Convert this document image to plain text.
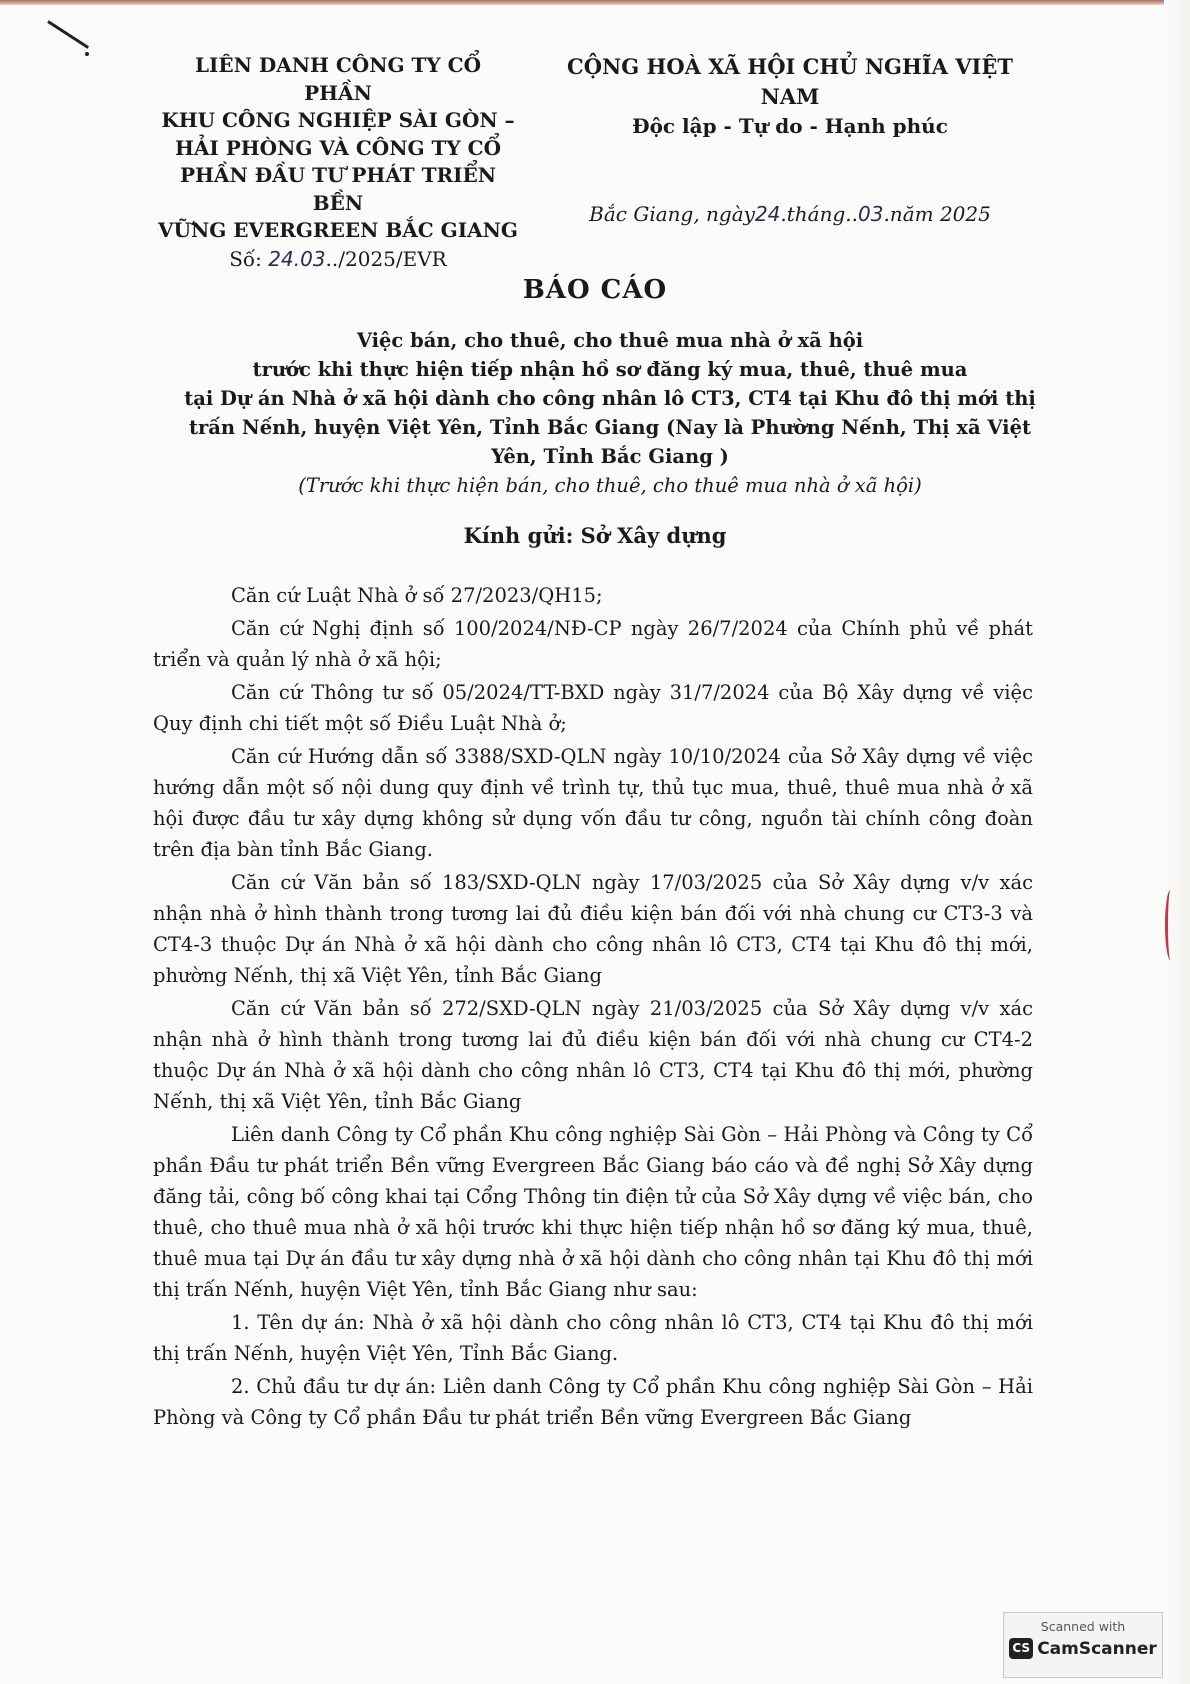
LIÊN DANH CÔNG TY CỔ PHẦN
KHU CÔNG NGHIỆP SÀI GÒN –
HẢI PHÒNG VÀ CÔNG TY CỔ
PHẦN ĐẦU TƯ PHÁT TRIỂN BỀN
VỮNG EVERGREEN BẮC GIANG
Số: 24.03../2025/EVR
CỘNG HOÀ XÃ HỘI CHỦ NGHĨA VIỆT NAM
Độc lập - Tự do - Hạnh phúc
Bắc Giang, ngày24.tháng..03.năm 2025
BÁO CÁO
Việc bán, cho thuê, cho thuê mua nhà ở xã hội
trước khi thực hiện tiếp nhận hồ sơ đăng ký mua, thuê, thuê mua
tại Dự án Nhà ở xã hội dành cho công nhân lô CT3, CT4 tại Khu đô thị mới thị trấn Nếnh, huyện Việt Yên, Tỉnh Bắc Giang (Nay là Phường Nếnh, Thị xã Việt Yên, Tỉnh Bắc Giang )
(Trước khi thực hiện bán, cho thuê, cho thuê mua nhà ở xã hội)
Kính gửi: Sở Xây dựng

Căn cứ Luật Nhà ở số 27/2023/QH15;

Căn cứ Nghị định số 100/2024/NĐ-CP ngày 26/7/2024 của Chính phủ về phát triển và quản lý nhà ở xã hội;

Căn cứ Thông tư số 05/2024/TT-BXD ngày 31/7/2024 của Bộ Xây dựng về việc Quy định chi tiết một số Điều Luật Nhà ở;

Căn cứ Hướng dẫn số 3388/SXD-QLN ngày 10/10/2024 của Sở Xây dựng về việc hướng dẫn một số nội dung quy định về trình tự, thủ tục mua, thuê, thuê mua nhà ở xã hội được đầu tư xây dựng không sử dụng vốn đầu tư công, nguồn tài chính công đoàn trên địa bàn tỉnh Bắc Giang.

Căn cứ Văn bản số 183/SXD-QLN ngày 17/03/2025 của Sở Xây dựng v/v xác nhận nhà ở hình thành trong tương lai đủ điều kiện bán đối với nhà chung cư CT3-3 và CT4-3 thuộc Dự án Nhà ở xã hội dành cho công nhân lô CT3, CT4 tại Khu đô thị mới, phường Nếnh, thị xã Việt Yên, tỉnh Bắc Giang

Căn cứ Văn bản số 272/SXD-QLN ngày 21/03/2025 của Sở Xây dựng v/v xác nhận nhà ở hình thành trong tương lai đủ điều kiện bán đối với nhà chung cư CT4-2 thuộc Dự án Nhà ở xã hội dành cho công nhân lô CT3, CT4 tại Khu đô thị mới, phường Nếnh, thị xã Việt Yên, tỉnh Bắc Giang

Liên danh Công ty Cổ phần Khu công nghiệp Sài Gòn – Hải Phòng và Công ty Cổ phần Đầu tư phát triển Bền vững Evergreen Bắc Giang báo cáo và đề nghị Sở Xây dựng đăng tải, công bố công khai tại Cổng Thông tin điện tử của Sở Xây dựng về việc bán, cho thuê, cho thuê mua nhà ở xã hội trước khi thực hiện tiếp nhận hồ sơ đăng ký mua, thuê, thuê mua tại Dự án đầu tư xây dựng nhà ở xã hội dành cho công nhân tại Khu đô thị mới thị trấn Nếnh, huyện Việt Yên, tỉnh Bắc Giang như sau:

1. Tên dự án: Nhà ở xã hội dành cho công nhân lô CT3, CT4 tại Khu đô thị mới thị trấn Nếnh, huyện Việt Yên, Tỉnh Bắc Giang.

2. Chủ đầu tư dự án: Liên danh Công ty Cổ phần Khu công nghiệp Sài Gòn – Hải Phòng và Công ty Cổ phần Đầu tư phát triển Bền vững Evergreen Bắc Giang

Scanned with
CS CamScanner
